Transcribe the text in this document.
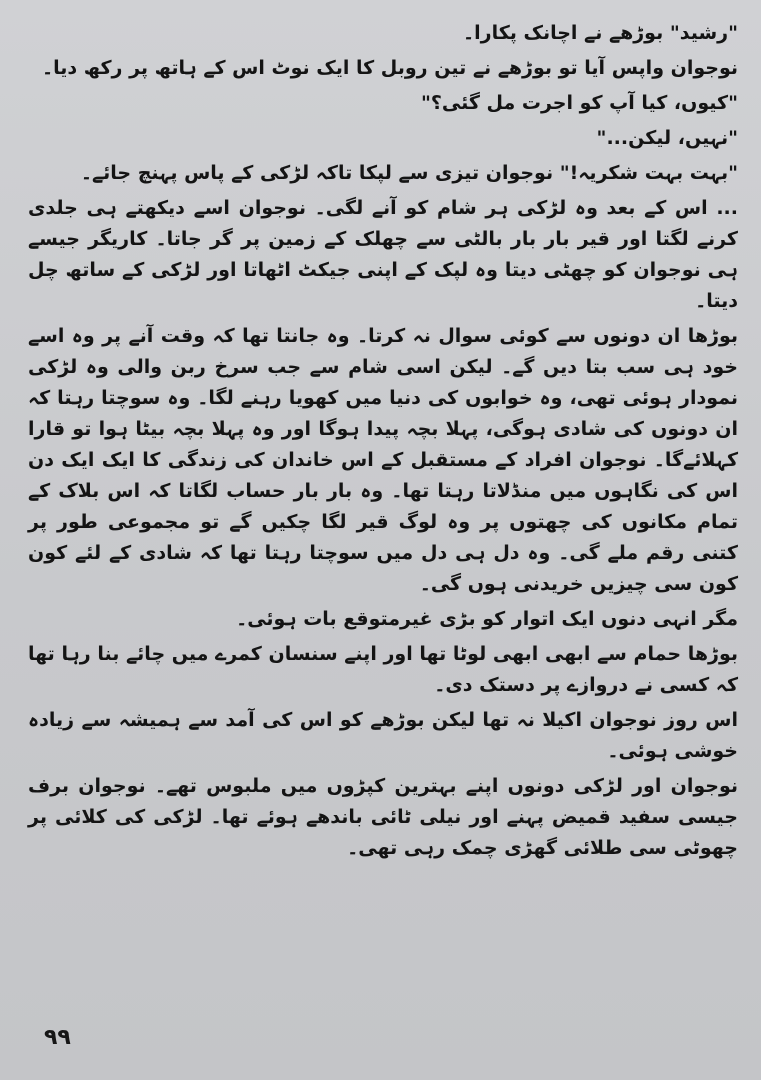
"رشید" بوڑھے نے اچانک پکارا۔

نوجوان واپس آیا تو بوڑھے نے تین روبل کا ایک نوٹ اس کے ہاتھ پر رکھ دیا۔

"کیوں، کیا آپ کو اجرت مل گئی؟"

"نہیں، لیکن..."

"بہت بہت شکریہ!" نوجوان تیزی سے لپکا تاکہ لڑکی کے پاس پہنچ جائے۔

... اس کے بعد وہ لڑکی ہر شام کو آنے لگی۔ نوجوان اسے دیکھتے ہی جلدی کرنے لگتا اور قیر بار بار بالٹی سے چھلک کے زمین پر گر جاتا۔ کاریگر جیسے ہی نوجوان کو چھٹی دیتا وہ لپک کے اپنی جیکٹ اٹھاتا اور لڑکی کے ساتھ چل دیتا۔

بوڑھا ان دونوں سے کوئی سوال نہ کرتا۔ وہ جانتا تھا کہ وقت آنے پر وہ اسے خود ہی سب بتا دیں گے۔ لیکن اسی شام سے جب سرخ ربن والی وہ لڑکی نمودار ہوئی تھی، وہ خوابوں کی دنیا میں کھویا رہنے لگا۔ وہ سوچتا رہتا کہ ان دونوں کی شادی ہوگی، پہلا بچہ پیدا ہوگا اور وہ پہلا بچہ بیٹا ہوا تو قارا کہلائےگا۔ نوجوان افراد کے مستقبل کے اس خاندان کی زندگی کا ایک ایک دن اس کی نگاہوں میں منڈلاتا رہتا تھا۔ وہ بار بار حساب لگاتا کہ اس بلاک کے تمام مکانوں کی چھتوں پر وہ لوگ قیر لگا چکیں گے تو مجموعی طور پر کتنی رقم ملے گی۔ وہ دل ہی دل میں سوچتا رہتا تھا کہ شادی کے لئے کون کون سی چیزیں خریدنی ہوں گی۔

مگر انہی دنوں ایک اتوار کو بڑی غیرمتوقع بات ہوئی۔

بوڑھا حمام سے ابھی ابھی لوٹا تھا اور اپنے سنسان کمرے میں چائے بنا رہا تھا کہ کسی نے دروازے پر دستک دی۔

اس روز نوجوان اکیلا نہ تھا لیکن بوڑھے کو اس کی آمد سے ہمیشہ سے زیادہ خوشی ہوئی۔

نوجوان اور لڑکی دونوں اپنے بہترین کپڑوں میں ملبوس تھے۔ نوجوان برف جیسی سفید قمیض پہنے اور نیلی ٹائی باندھے ہوئے تھا۔ لڑکی کی کلائی پر چھوٹی سی طلائی گھڑی چمک رہی تھی۔

۹۹
